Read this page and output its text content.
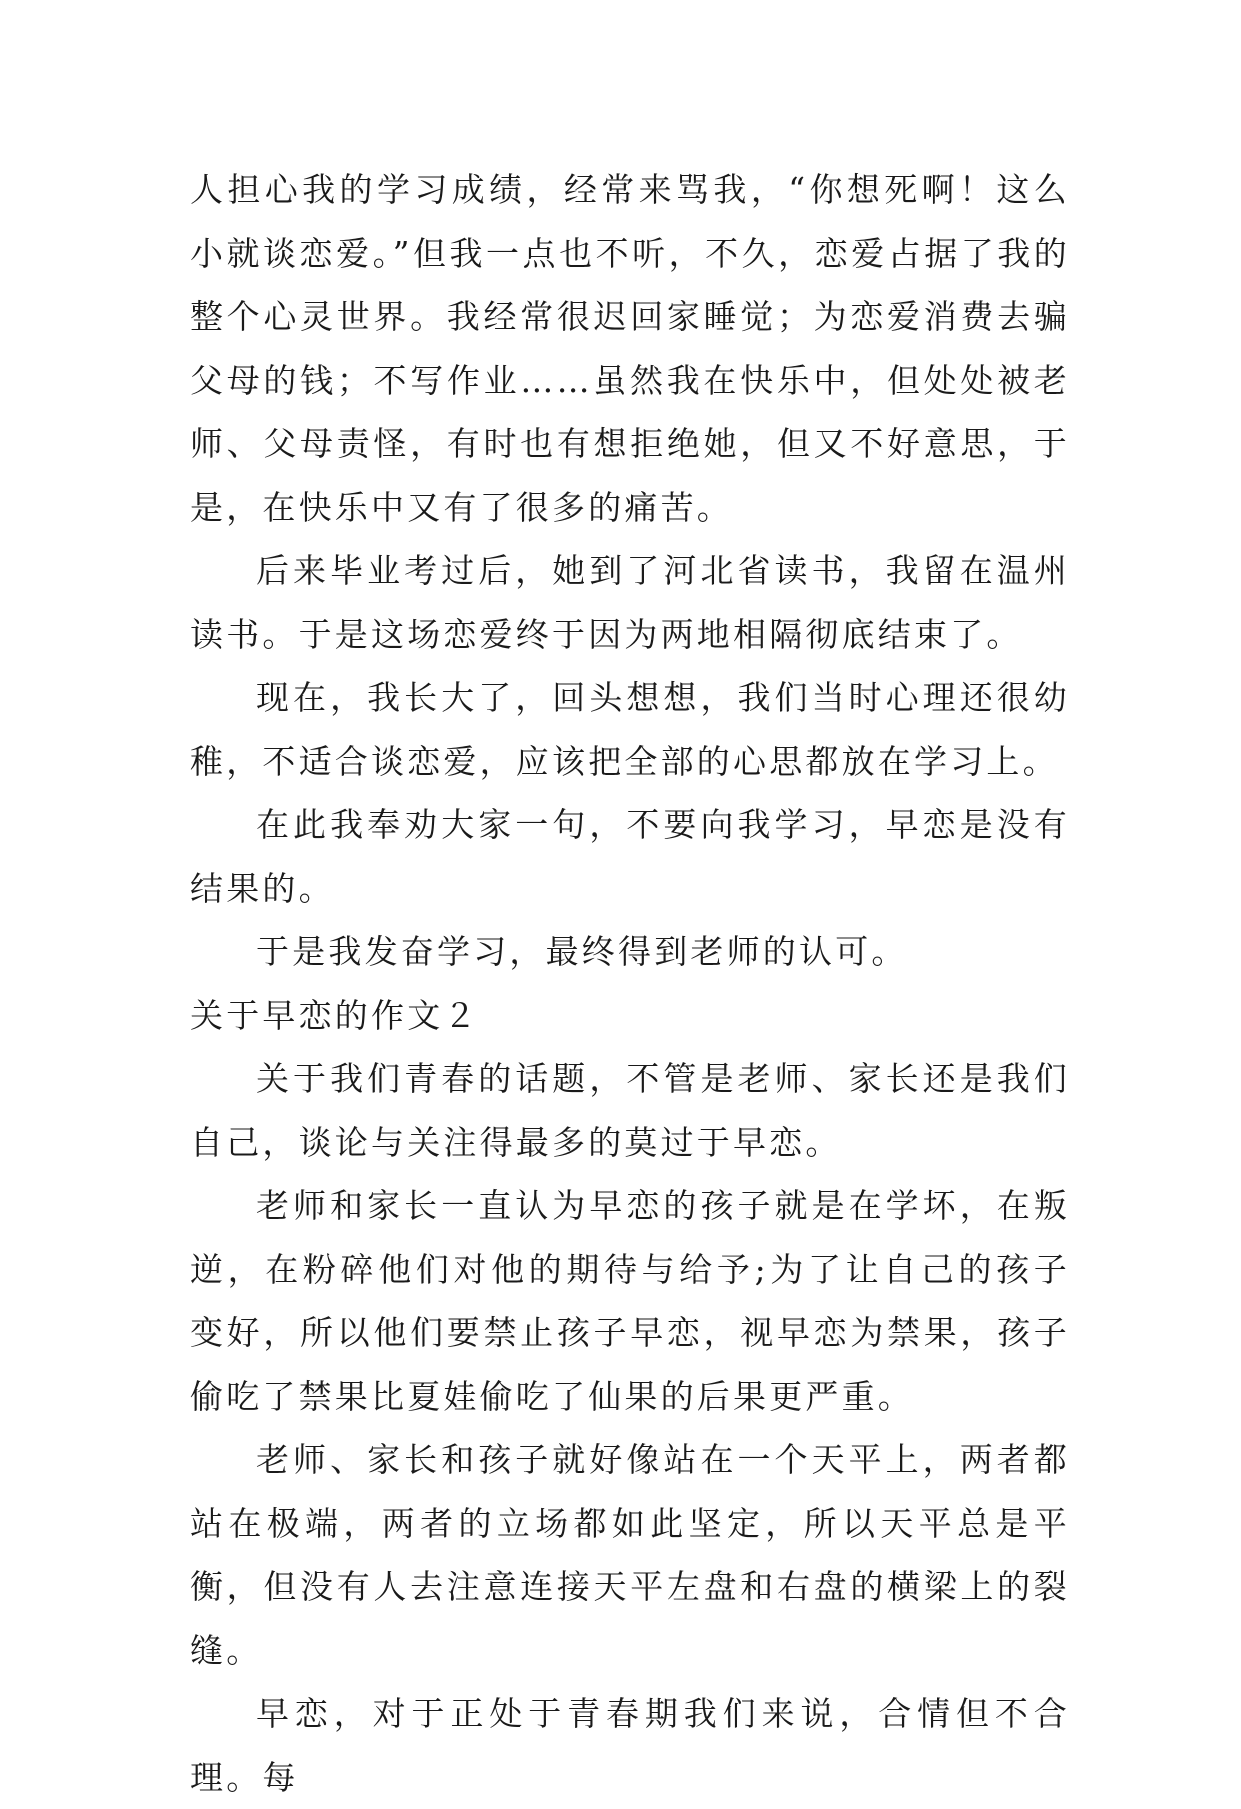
人担心我的学习成绩，经常来骂我，“你想死啊！这么小就谈恋爱。”但我一点也不听，不久，恋爱占据了我的整个心灵世界。我经常很迟回家睡觉；为恋爱消费去骗父母的钱；不写作业……虽然我在快乐中，但处处被老师、父母责怪，有时也有想拒绝她，但又不好意思，于是，在快乐中又有了很多的痛苦。

后来毕业考过后，她到了河北省读书，我留在温州读书。于是这场恋爱终于因为两地相隔彻底结束了。

现在，我长大了，回头想想，我们当时心理还很幼稚，不适合谈恋爱，应该把全部的心思都放在学习上。

在此我奉劝大家一句，不要向我学习，早恋是没有结果的。

于是我发奋学习，最终得到老师的认可。

关于早恋的作文２

关于我们青春的话题，不管是老师、家长还是我们自己，谈论与关注得最多的莫过于早恋。

老师和家长一直认为早恋的孩子就是在学坏，在叛逆，在粉碎他们对他的期待与给予;为了让自己的孩子变好，所以他们要禁止孩子早恋，视早恋为禁果，孩子偷吃了禁果比夏娃偷吃了仙果的后果更严重。

老师、家长和孩子就好像站在一个天平上，两者都站在极端，两者的立场都如此坚定，所以天平总是平衡，但没有人去注意连接天平左盘和右盘的横梁上的裂缝。

早恋，对于正处于青春期我们来说，合情但不合理。每
